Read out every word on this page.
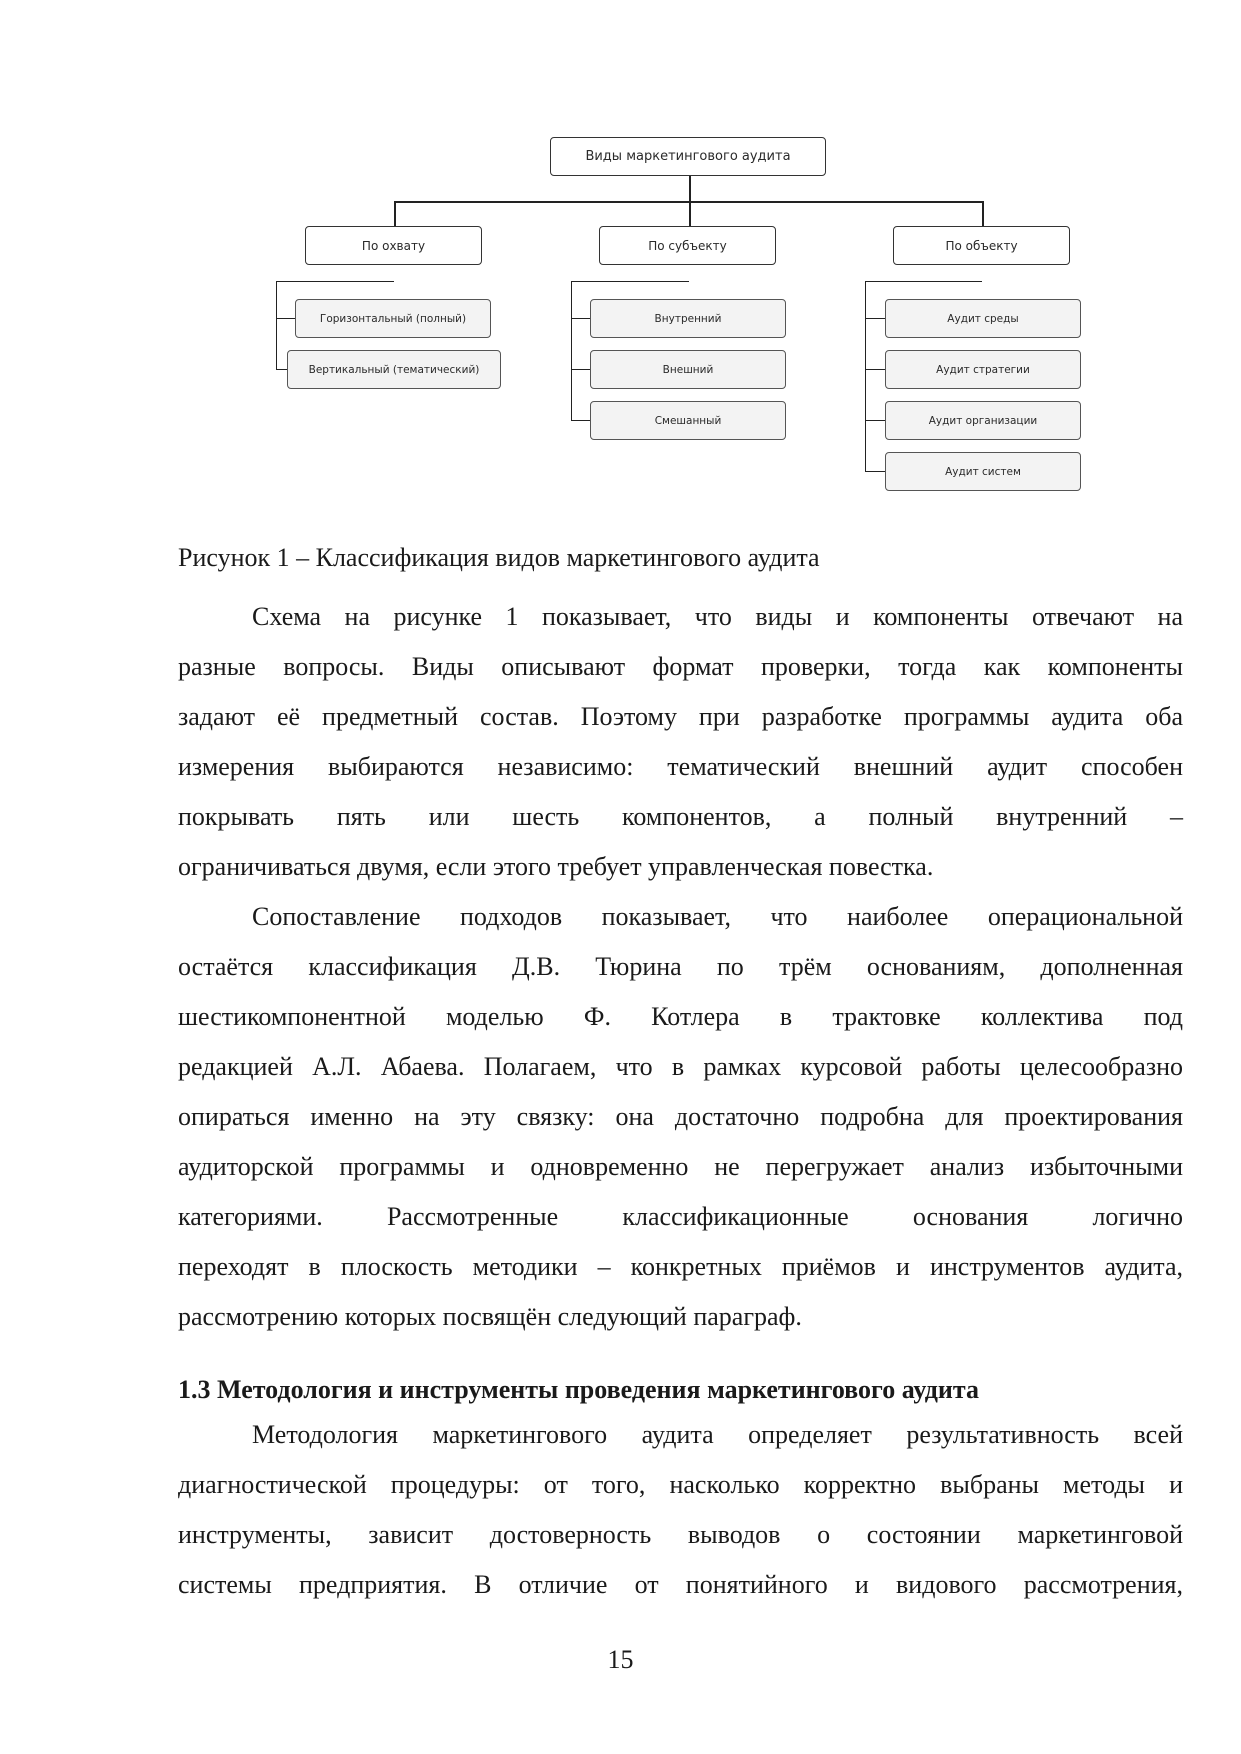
Виды маркетингового аудита
По охвату	По субъекту	По объекту
Горизонтальный (полный)
Вертикальный (тематический)
Внутренний
Внешний
Смешанный
Аудит среды
Аудит стратегии
Аудит организации
Аудит систем

Рисунок 1 – Классификация видов маркетингового аудита

Схема на рисунке 1 показывает, что виды и компоненты отвечают на
разные вопросы. Виды описывают формат проверки, тогда как компоненты
задают её предметный состав. Поэтому при разработке программы аудита оба
измерения выбираются независимо: тематический внешний аудит способен
покрывать пять или шесть компонентов, а полный внутренний –
ограничиваться двумя, если этого требует управленческая повестка.
Сопоставление подходов показывает, что наиболее операциональной
остаётся классификация Д.В. Тюрина по трём основаниям, дополненная
шестикомпонентной моделью Ф. Котлера в трактовке коллектива под
редакцией А.Л. Абаева. Полагаем, что в рамках курсовой работы целесообразно
опираться именно на эту связку: она достаточно подробна для проектирования
аудиторской программы и одновременно не перегружает анализ избыточными
категориями. Рассмотренные классификационные основания логично
переходят в плоскость методики – конкретных приёмов и инструментов аудита,
рассмотрению которых посвящён следующий параграф.
1.3 Методология и инструменты проведения маркетингового аудита
Методология маркетингового аудита определяет результативность всей
диагностической процедуры: от того, насколько корректно выбраны методы и
инструменты, зависит достоверность выводов о состоянии маркетинговой
системы предприятия. В отличие от понятийного и видового рассмотрения,
15
